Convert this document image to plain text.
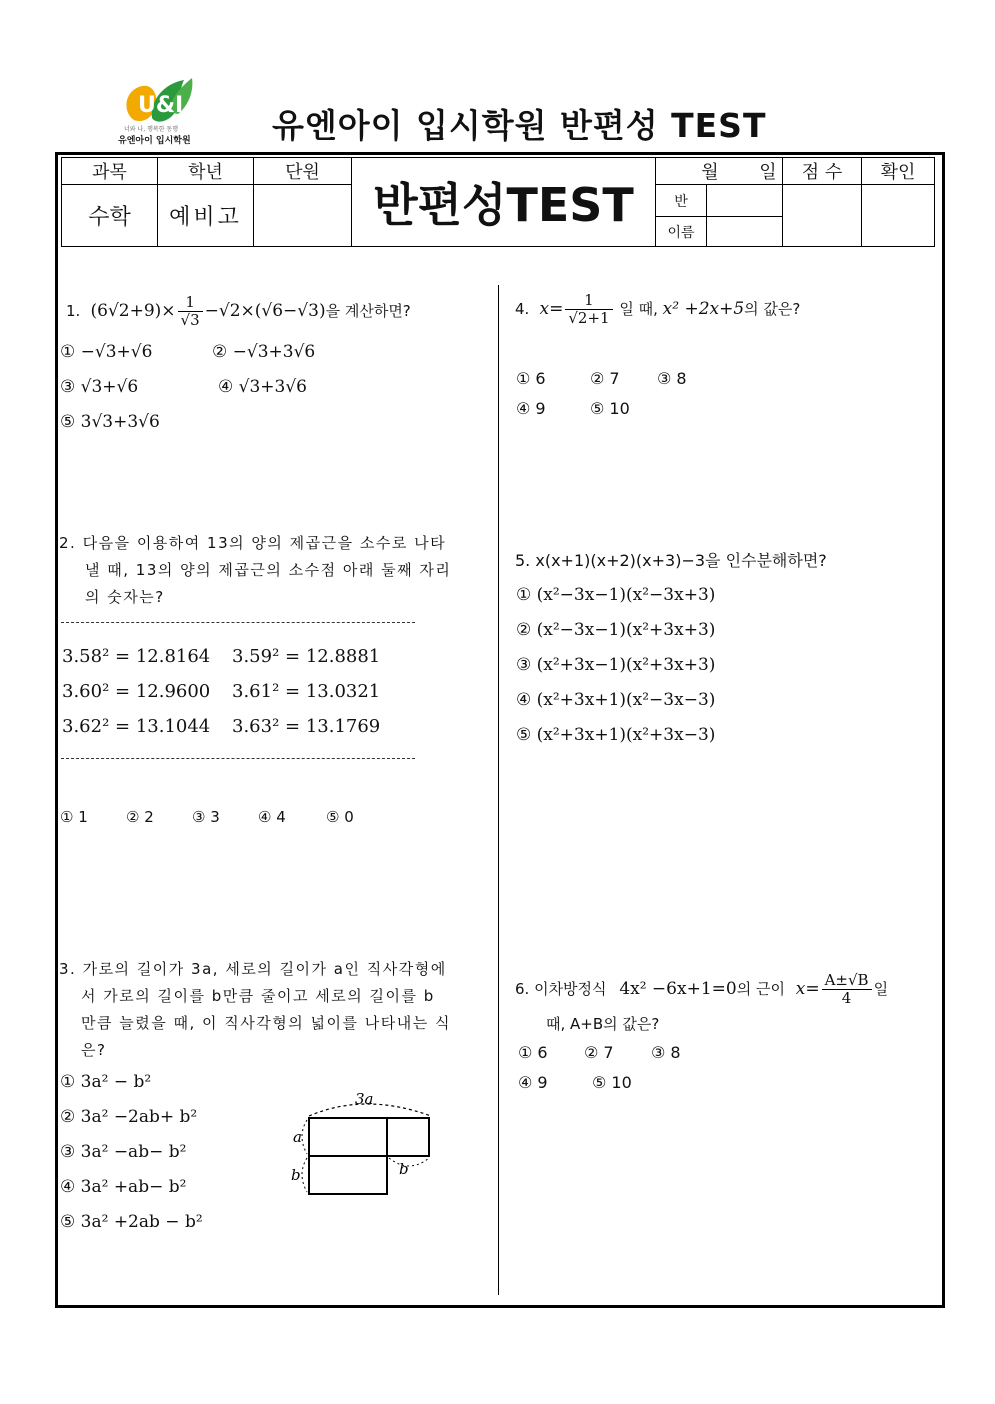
U&I
너와 나, 행복한 동행
유엔아이 입시학원 유엔아이 입시학원 반편성 TEST
과목	학년	단원
수학	예비고	반편성TEST
월 일	점 수	확인
반
이름
1.  $(6√2+9)\times \frac{1}{√3} -√2\times(√6-√3)$을 계산하면?
① −√3+√6	② −√3+3√6
③ √3+√6	④ √3+3√6
⑤ 3√3+3√6
2. 다음을 이용하여 13의 양의 제곱근을 소수로 나타
낼 때, 13의 양의 제곱근의 소수점 아래 둘째 자리
의 숫자는?
3.58² = 12.8164 3.59² = 12.8881
3.60² = 12.9600 3.61² = 13.0321
3.62² = 13.1044 3.63² = 13.1769
① 1	② 2	③ 3	④ 4	⑤ 0
3. 가로의 길이가 3a, 세로의 길이가 a인 직사각형에
서 가로의 길이를 b만큼 줄이고 세로의 길이를 b
만큼 늘렸을 때, 이 직사각형의 넓이를 나타내는 식
은?
① 3a² − b²
② 3a² −2ab+ b²
③ 3a² −ab− b²
④ 3a² +ab− b²
⑤ 3a² +2ab − b²
3a
a
b	b
4.  $x= \frac{1}{√2+1}$ 일 때, x² +2x+5의 값은?
① 6	② 7 ③ 8
④ 9	⑤ 10
5. x(x+1)(x+2)(x+3)−3을 인수분해하면?
① (x²−3x−1)(x²−3x+3)
② (x²−3x−1)(x²+3x+3)
③ (x²+3x−1)(x²+3x+3)
④ (x²+3x+1)(x²−3x−3)
⑤ (x²+3x+1)(x²+3x−3)
6. 이차방정식 4x² −6x+1=0의 근이 $x= \frac{A\pm√B}{4}$ 일
때, A+B의 값은?
① 6 ② 7 ③ 8
④ 9	⑤ 10
